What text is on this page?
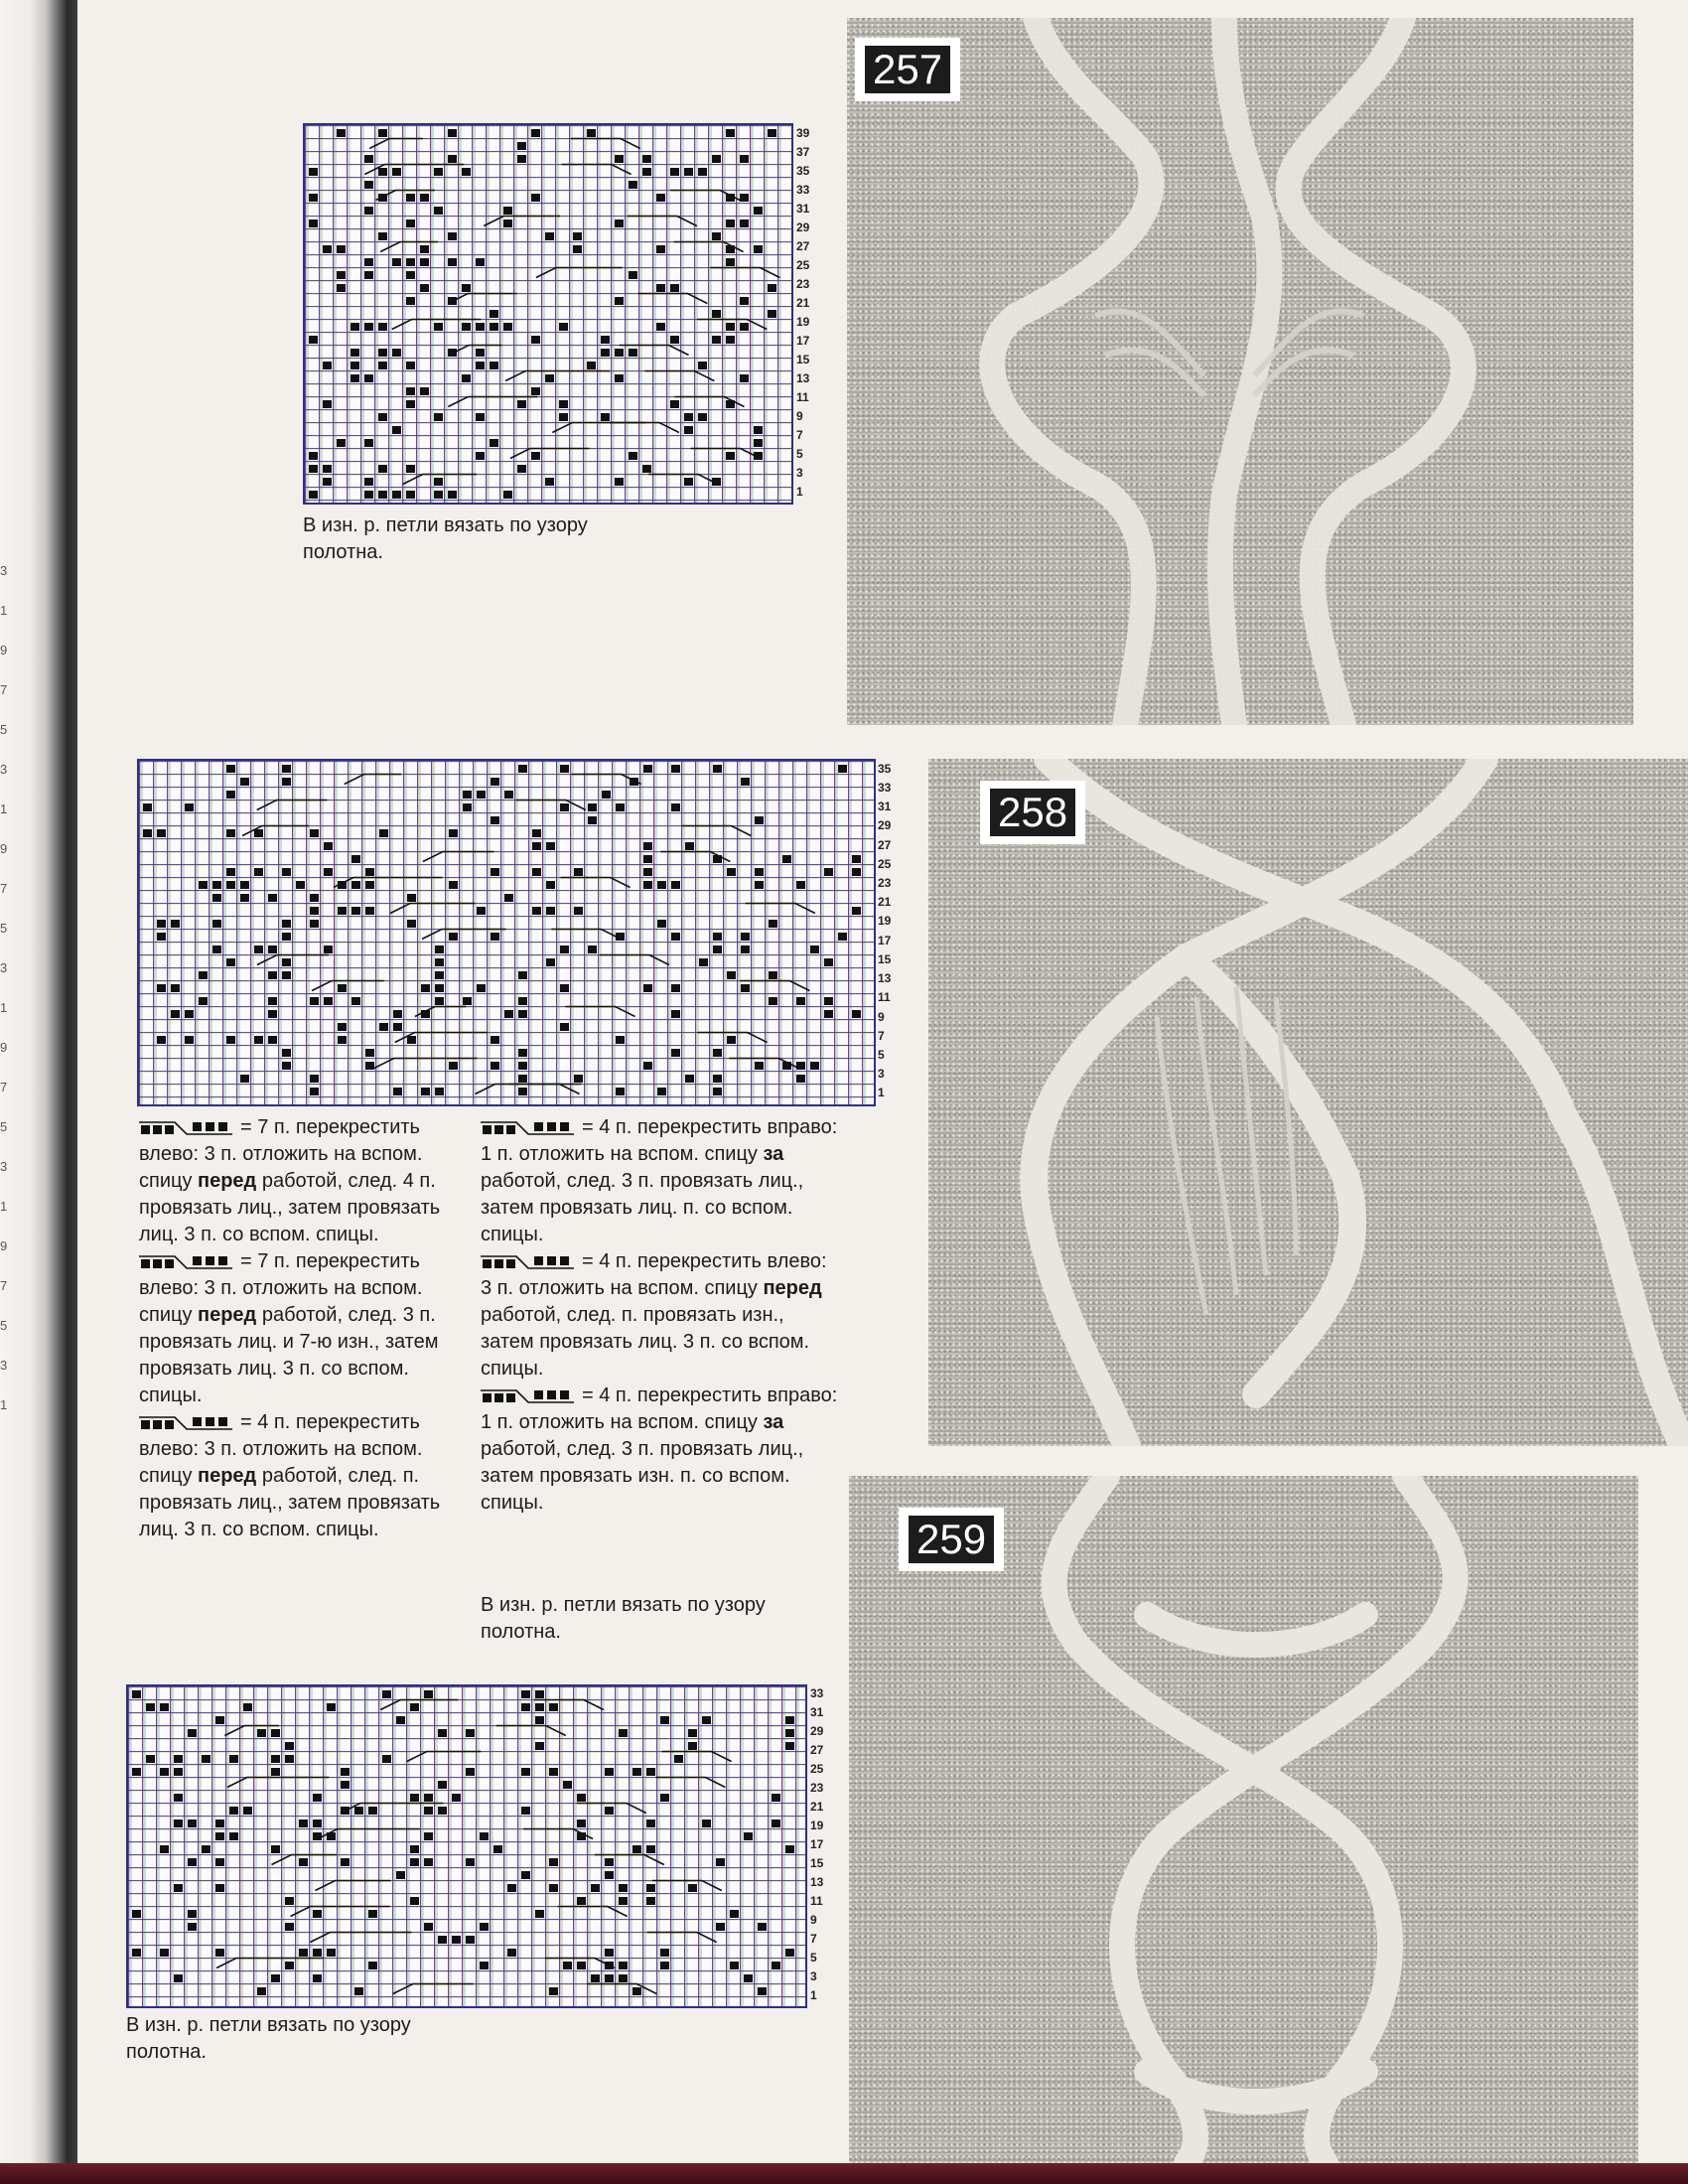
3
1
9
7
5
3
1
9
7
5
3
1
9
7
5
3
1
9
7
5
3
1
39
37
35
33
31
29
27
25
23
21
19
17
15
13
11
9
7
5
3
1
В изн. р. петли вязать по узору полотна.
257
35
33
31
29
27
25
23
21
19
17
15
13
11
9
7
5
3
1
= 7 п. перекрестить влево: 3 п. отложить на вспом. спицу перед работой, след. 4 п. провязать лиц., затем провязать лиц. 3 п. со вспом. спицы.
= 7 п. перекрестить влево: 3 п. отложить на вспом. спицу перед работой, след. 3 п. провязать лиц. и 7-ю изн., затем провязать лиц. 3 п. со вспом. спицы.
= 4 п. перекрестить влево: 3 п. отложить на вспом. спицу перед работой, след. п. провязать лиц., затем провязать лиц. 3 п. со вспом. спицы.
= 4 п. перекрестить вправо: 1 п. отложить на вспом. спицу за работой, след. 3 п. провязать лиц., затем провязать лиц. п. со вспом. спицы.
= 4 п. перекрестить влево: 3 п. отложить на вспом. спицу перед работой, след. п. провязать изн., затем провязать лиц. 3 п. со вспом. спицы.
= 4 п. перекрестить вправо: 1 п. отложить на вспом. спицу за работой, след. 3 п. провязать лиц., затем провязать изн. п. со вспом. спицы.
В изн. р. петли вязать по узору полотна.
258
33
31
29
27
25
23
21
19
17
15
13
11
9
7
5
3
1
В изн. р. петли вязать по узору полотна.
259
